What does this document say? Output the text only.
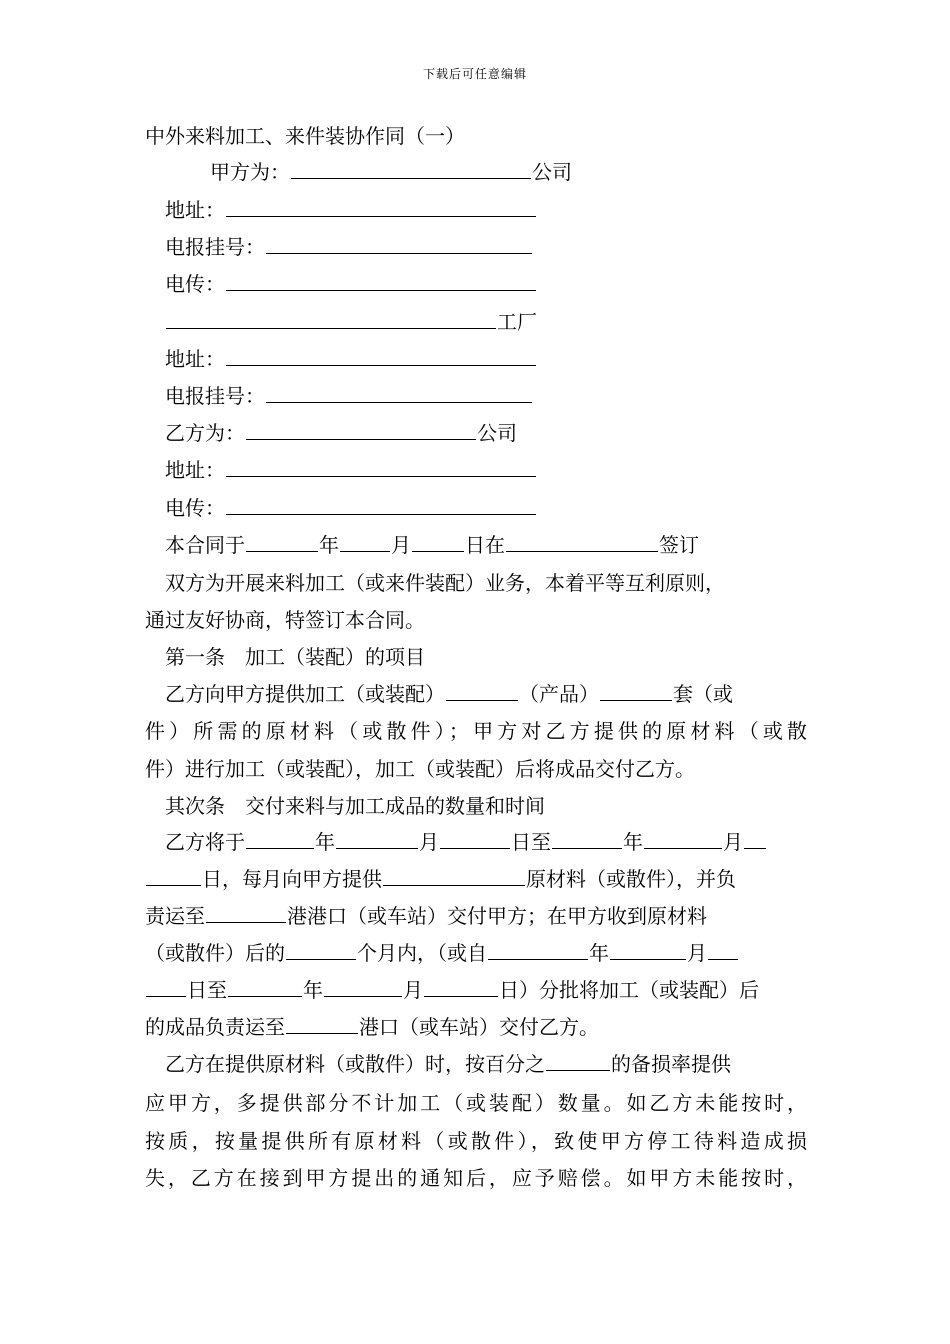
下载后可任意编辑
中外来料加工、来件装协作同（一）
甲方为：	公司
地址：
电报挂号：
电传：
工厂
地址：
电报挂号：
乙方为：	公司
地址：
电传：
本合同于	年	月	日在	签订
双方为开展来料加工（或来件装配）业务，本着平等互利原则，
通过友好协商，特签订本合同。
第一条　加工（装配）的项目
乙方向甲方提供加工（或装配）	（产品）	套（或
件）所需的原材料（或散件）；甲方对乙方提供的原材料（或散
件）进行加工（或装配），加工（或装配）后将成品交付乙方。
其次条　交付来料与加工成品的数量和时间
乙方将于	年	月	日至	年	月
日，每月向甲方提供	原材料（或散件），并负
责运至	港港口（或车站）交付甲方；在甲方收到原材料
（或散件）后的	个月内，（或自	年	月
日至	年	月	日）分批将加工（或装配）后
的成品负责运至	港口（或车站）交付乙方。
乙方在提供原材料（或散件）时，按百分之	的备损率提供
应甲方，多提供部分不计加工（或装配）数量。如乙方未能按时，
按质，按量提供所有原材料（或散件），致使甲方停工待料造成损
失，乙方在接到甲方提出的通知后，应予赔偿。如甲方未能按时，
